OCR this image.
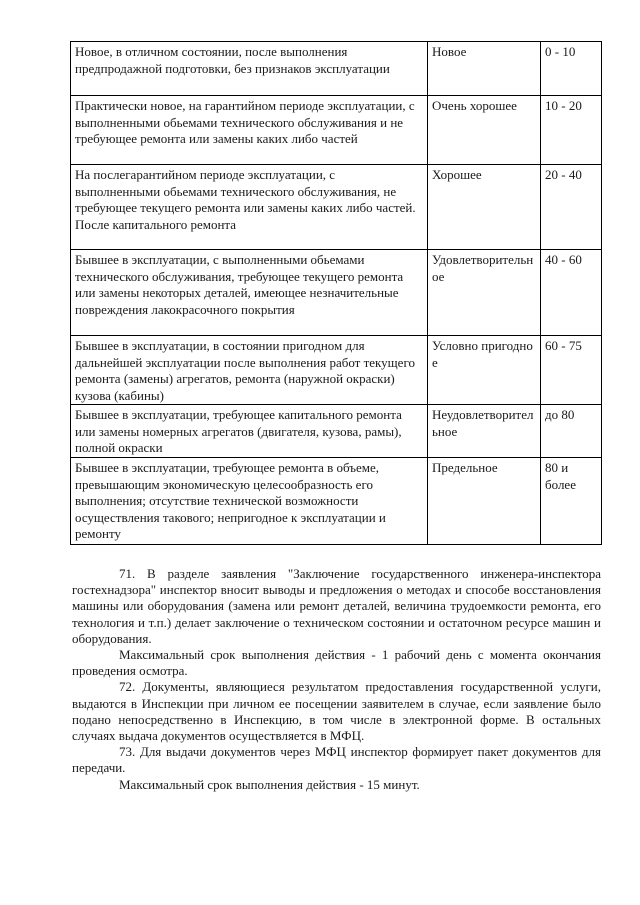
Новое, в отличном состоянии, после выполнения предпродажной подготовки, без признаков эксплуатации	Новое	0 - 10
Практически новое, на гарантийном периоде эксплуатации, с выполненными обьемами технического обслуживания и не требующее ремонта или замены каких либо частей	Очень хорошее	10 - 20
На послегарантийном периоде эксплуатации, с выполненными обьемами технического обслуживания, не требующее текущего ремонта или замены каких либо частей. После капитального ремонта	Хорошее	20 - 40
Бывшее в эксплуатации, с выполненными обьемами технического обслуживания, требующее текущего ремонта или замены некоторых деталей, имеющее незначительные повреждения лакокрасочного покрытия	Удовлетворительное	40 - 60
Бывшее в эксплуатации, в состоянии пригодном для дальнейшей эксплуатации после выполнения работ текущего ремонта (замены) агрегатов, ремонта (наружной окраски) кузова (кабины)	Условно пригодное	60 - 75
Бывшее в эксплуатации, требующее капитального ремонта или замены номерных агрегатов (двигателя, кузова, рамы), полной окраски	Неудовлетворительное	до 80
Бывшее в эксплуатации, требующее ремонта в объеме, превышающим экономическую целесообразность его выполнения; отсутствие технической возможности осуществления такового; непригодное к эксплуатации и ремонту	Предельное	80 и более

71. В разделе заявления "Заключение государственного инженера-инспектора гостехнадзора" инспектор вносит выводы и предложения о методах и способе восстановления машины или оборудования (замена или ремонт деталей, величина трудоемкости ремонта, его технология и т.п.) делает заключение о техническом состоянии и остаточном ресурсе машин и оборудования.

Максимальный срок выполнения действия - 1 рабочий день с момента окончания проведения осмотра.

72. Документы, являющиеся результатом предоставления государственной услуги, выдаются в Инспекции при личном ее посещении заявителем в случае, если заявление было подано непосредственно в Инспекцию, в том числе в электронной форме. В остальных случаях выдача документов осуществляется в МФЦ.

73. Для выдачи документов через МФЦ инспектор формирует пакет документов для передачи.

Максимальный срок выполнения действия - 15 минут.
